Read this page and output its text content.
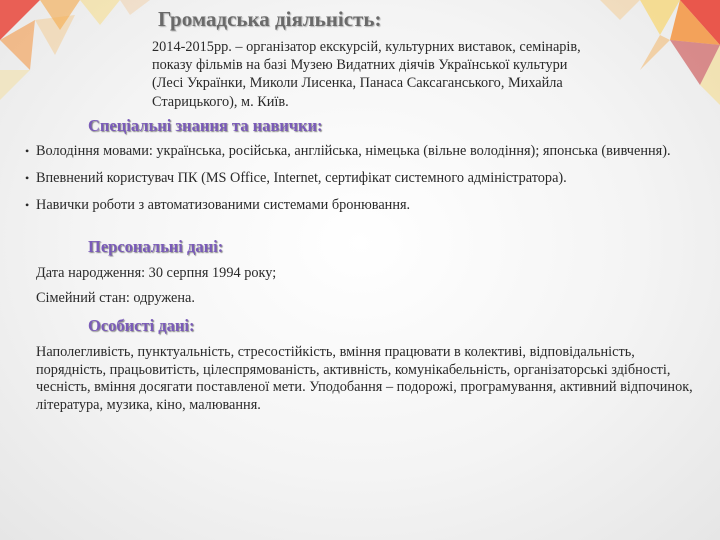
Громадська діяльність:
2014-2015рр. – організатор екскурсій, культурних виставок, семінарів, показу фільмів на базі Музею Видатних діячів Української культури (Лесі Українки, Миколи Лисенка, Панаса Саксаганського, Михайла Старицького), м. Київ.
Спеціальні знання та навички:
• Володіння мовами: українська, російська, англійська, німецька (вільне володіння); японська (вивчення).
• Впевнений користувач ПК (MS Office, Internet, сертифікат системного адміністратора).
• Навички роботи з автоматизованими системами бронювання.
Персональні дані:
Дата народження: 30 серпня 1994 року;
Сімейний стан: одружена.
Особисті дані:
Наполегливість, пунктуальність, стресостійкість, вміння працювати в колективі, відповідальність, порядність, працьовитість, цілеспрямованість, активність, комунікабельність, організаторські здібності, чесність, вміння досягати поставленої мети. Уподобання – подорожі, програмування, активний відпочинок, література, музика, кіно, малювання.
